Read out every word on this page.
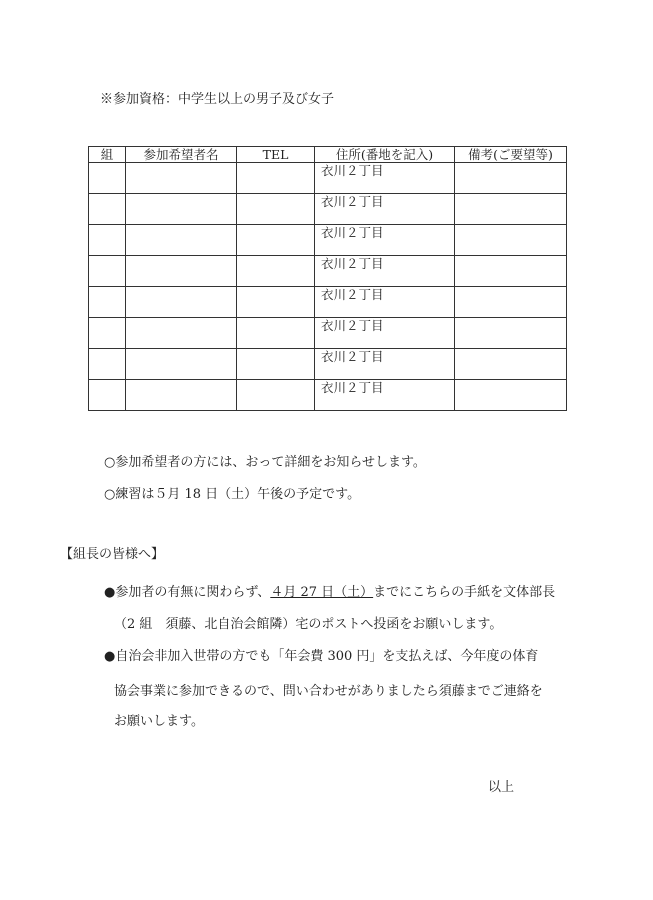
※参加資格：中学生以上の男子及び女子
組	参加希望者名	TEL	住所(番地を記入)	備考(ご要望等)
			衣川２丁目	
			衣川２丁目	
			衣川２丁目	
			衣川２丁目	
			衣川２丁目	
			衣川２丁目	
			衣川２丁目	
			衣川２丁目	
○参加希望者の方には、おって詳細をお知らせします。
○練習は５月 18 日（土）午後の予定です。
【組長の皆様へ】
●参加者の有無に関わらず、４月 27 日（土）までにこちらの手紙を文体部長
（2 組　須藤、北自治会館隣）宅のポストへ投函をお願いします。
●自治会非加入世帯の方でも「年会費 300 円」を支払えば、今年度の体育
協会事業に参加できるので、問い合わせがありましたら須藤までご連絡を
お願いします。
以上
